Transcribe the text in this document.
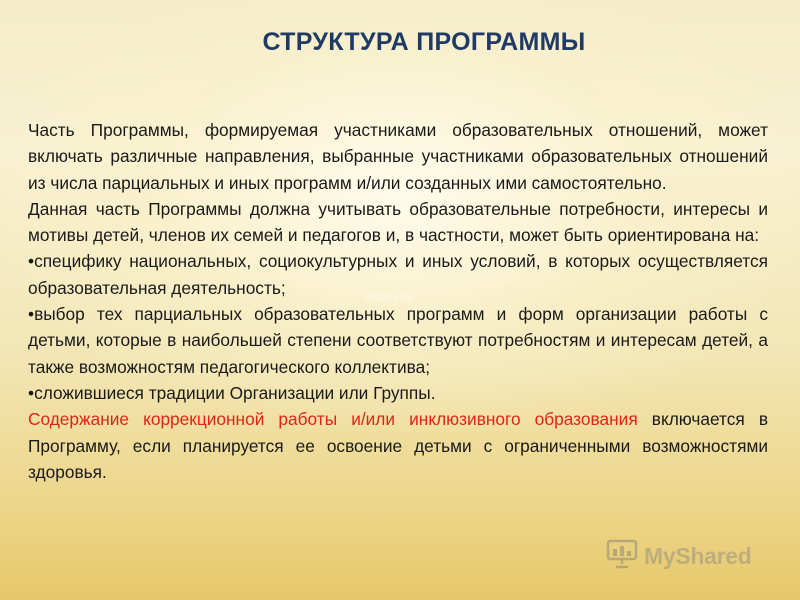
СТРУКТУРА ПРОГРАММЫ
Аспекты

Часть Программы, формируемая участниками образовательных отношений, может включать различные направления, выбранные участниками образовательных отношений из числа парциальных и иных программ и/или созданных ими самостоятельно.

Данная часть Программы должна учитывать образовательные потребности, интересы и мотивы детей, членов их семей и педагогов и, в частности, может быть ориентирована на:

•специфику национальных, социокультурных и иных условий, в которых осуществляется образовательная деятельность;

•выбор тех парциальных образовательных программ и форм организации работы с детьми, которые в наибольшей степени соответствуют потребностям и интересам детей, а также возможностям педагогического коллектива;

•сложившиеся традиции Организации или Группы.

Содержание коррекционной работы и/или инклюзивного образования включается в Программу, если планируется ее освоение детьми с ограниченными возможностями здоровья.
MyShared
